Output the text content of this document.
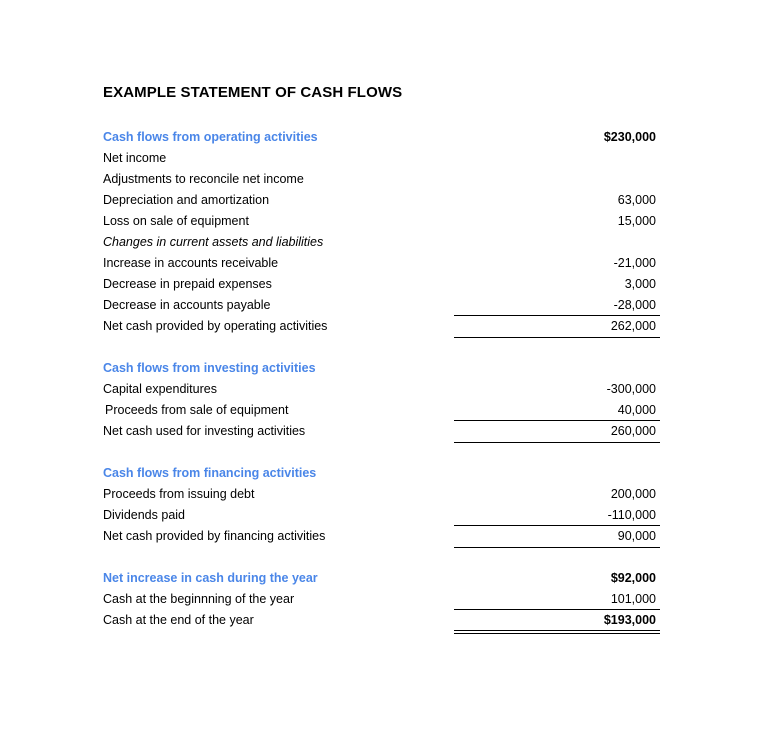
EXAMPLE STATEMENT OF CASH FLOWS
Cash flows from operating activities	$230,000
Net income
Adjustments to reconcile net income
Depreciation and amortization	63,000
Loss on sale of equipment	15,000
Changes in current assets and liabilities
Increase in accounts receivable	-21,000
Decrease in prepaid expenses	3,000
Decrease in accounts payable	-28,000
Net cash provided by operating activities	262,000
Cash flows from investing activities
Capital expenditures	-300,000
Proceeds from sale of equipment	40,000
Net cash used for investing activities	260,000
Cash flows from financing activities
Proceeds from issuing debt	200,000
Dividends paid	-110,000
Net cash provided by financing activities	90,000
Net increase in cash during the year	$92,000
Cash at the beginnning of the year	101,000
Cash at the end of the year	$193,000
